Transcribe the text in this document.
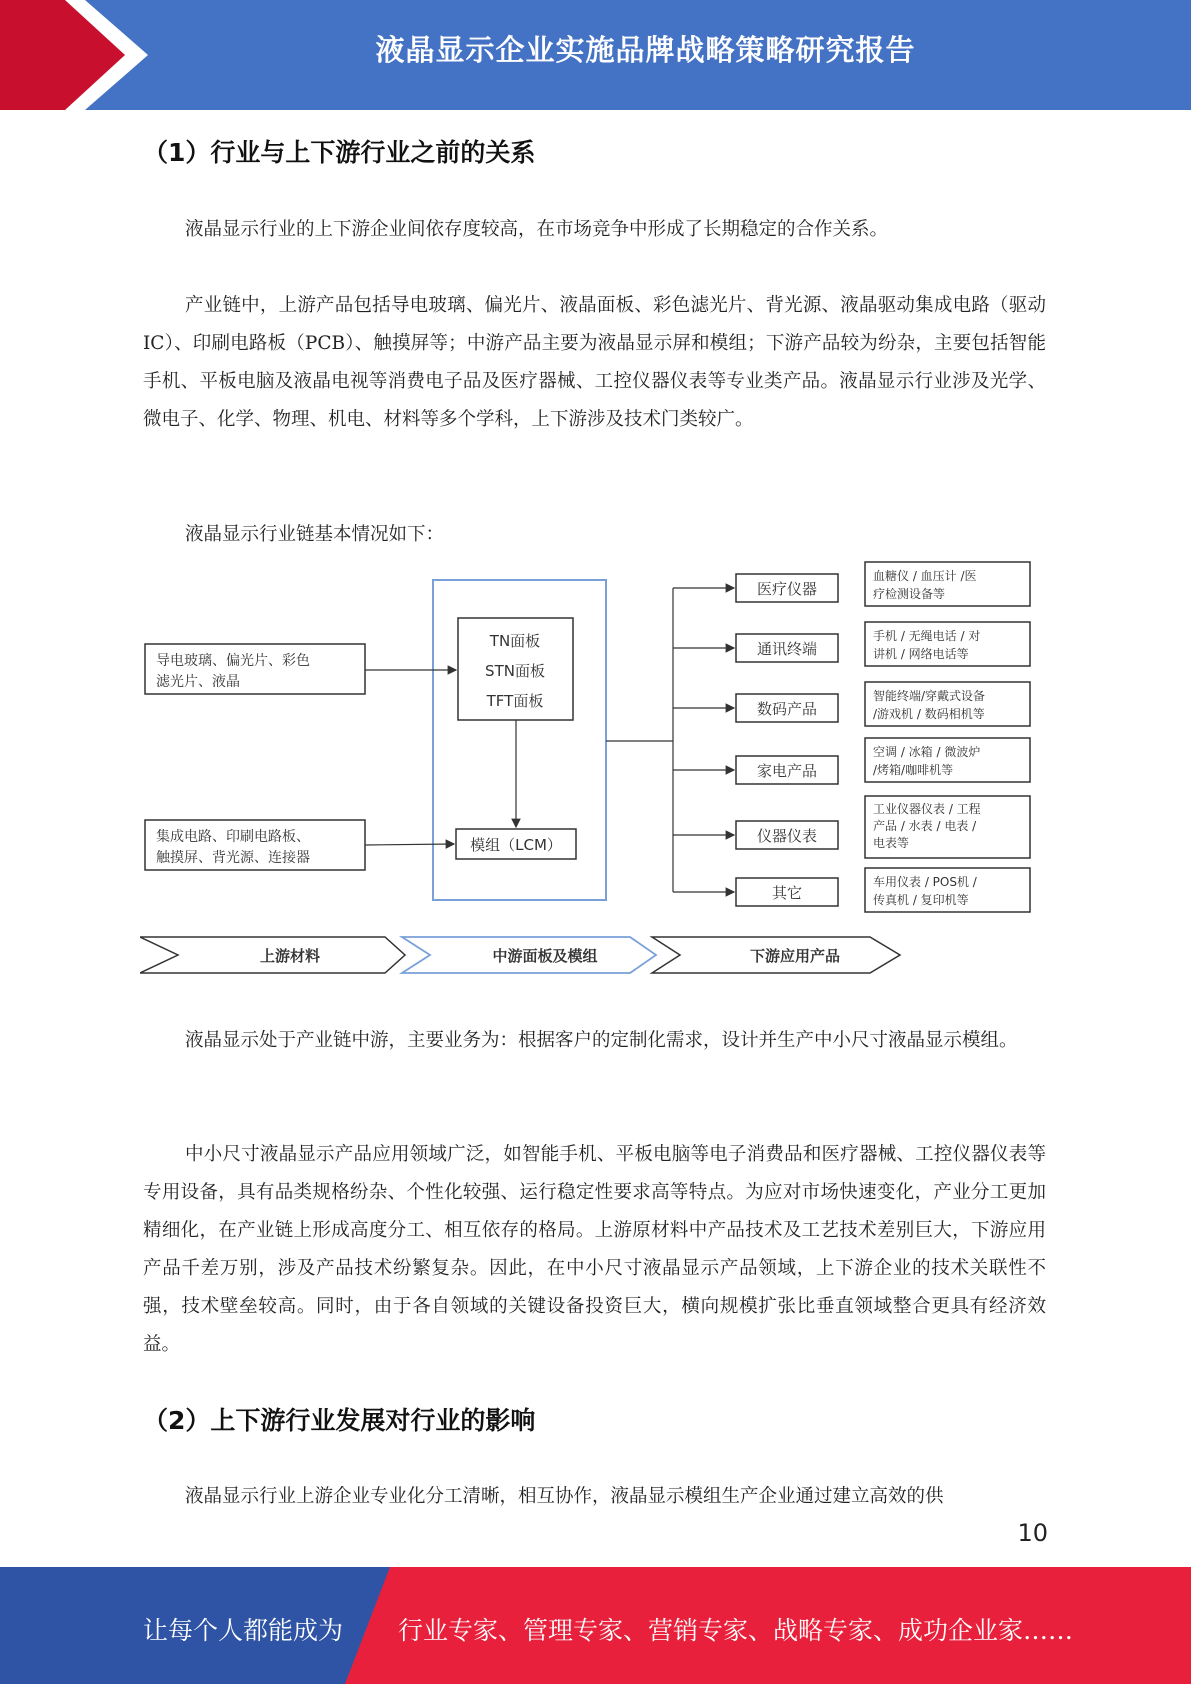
液晶显示企业实施品牌战略策略研究报告
（1）行业与上下游行业之前的关系
液晶显示行业的上下游企业间依存度较高，在市场竞争中形成了长期稳定的合作关系。
产业链中，上游产品包括导电玻璃、偏光片、液晶面板、彩色滤光片、背光源、液晶驱动集成电路（驱动　IC）、印刷电路板（PCB）、触摸屏等；中游产品主要为液晶显示屏和模组；下游产品较为纷杂，主要包括智能手机、平板电脑及液晶电视等消费电子品及医疗器械、工控仪器仪表等专业类产品。液晶显示行业涉及光学、微电子、化学、物理、机电、材料等多个学科，上下游涉及技术门类较广。
液晶显示行业链基本情况如下：
导电玻璃、偏光片、彩色
滤光片、液晶
集成电路、印刷电路板、
触摸屏、背光源、连接器
TN面板
STN面板
TFT面板
模组（LCM）
医疗仪器
血糖仪 / 血压计 /医
疗检测设备等
通讯终端
手机 / 无绳电话 / 对
讲机 / 网络电话等
数码产品
智能终端/穿戴式设备
/游戏机 / 数码相机等
家电产品
空调 / 冰箱 / 微波炉
/烤箱/咖啡机等
仪器仪表
工业仪器仪表 / 工程
产品 / 水表 / 电表 /
电表等
其它
车用仪表 / POS机 /
传真机 / 复印机等
上游材料	中游面板及模组	下游应用产品
液晶显示处于产业链中游，主要业务为：根据客户的定制化需求，设计并生产中小尺寸液晶显示模组。
中小尺寸液晶显示产品应用领域广泛，如智能手机、平板电脑等电子消费品和医疗器械、工控仪器仪表等专用设备，具有品类规格纷杂、个性化较强、运行稳定性要求高等特点。为应对市场快速变化，产业分工更加精细化，在产业链上形成高度分工、相互依存的格局。上游原材料中产品技术及工艺技术差别巨大，下游应用产品千差万别，涉及产品技术纷繁复杂。因此，在中小尺寸液晶显示产品领域，上下游企业的技术关联性不强，技术壁垒较高。同时，由于各自领域的关键设备投资巨大，横向规模扩张比垂直领域整合更具有经济效益。
（2）上下游行业发展对行业的影响
液晶显示行业上游企业专业化分工清晰，相互协作，液晶显示模组生产企业通过建立高效的供
10
让每个人都能成为 行业专家、管理专家、营销专家、战略专家、成功企业家……
